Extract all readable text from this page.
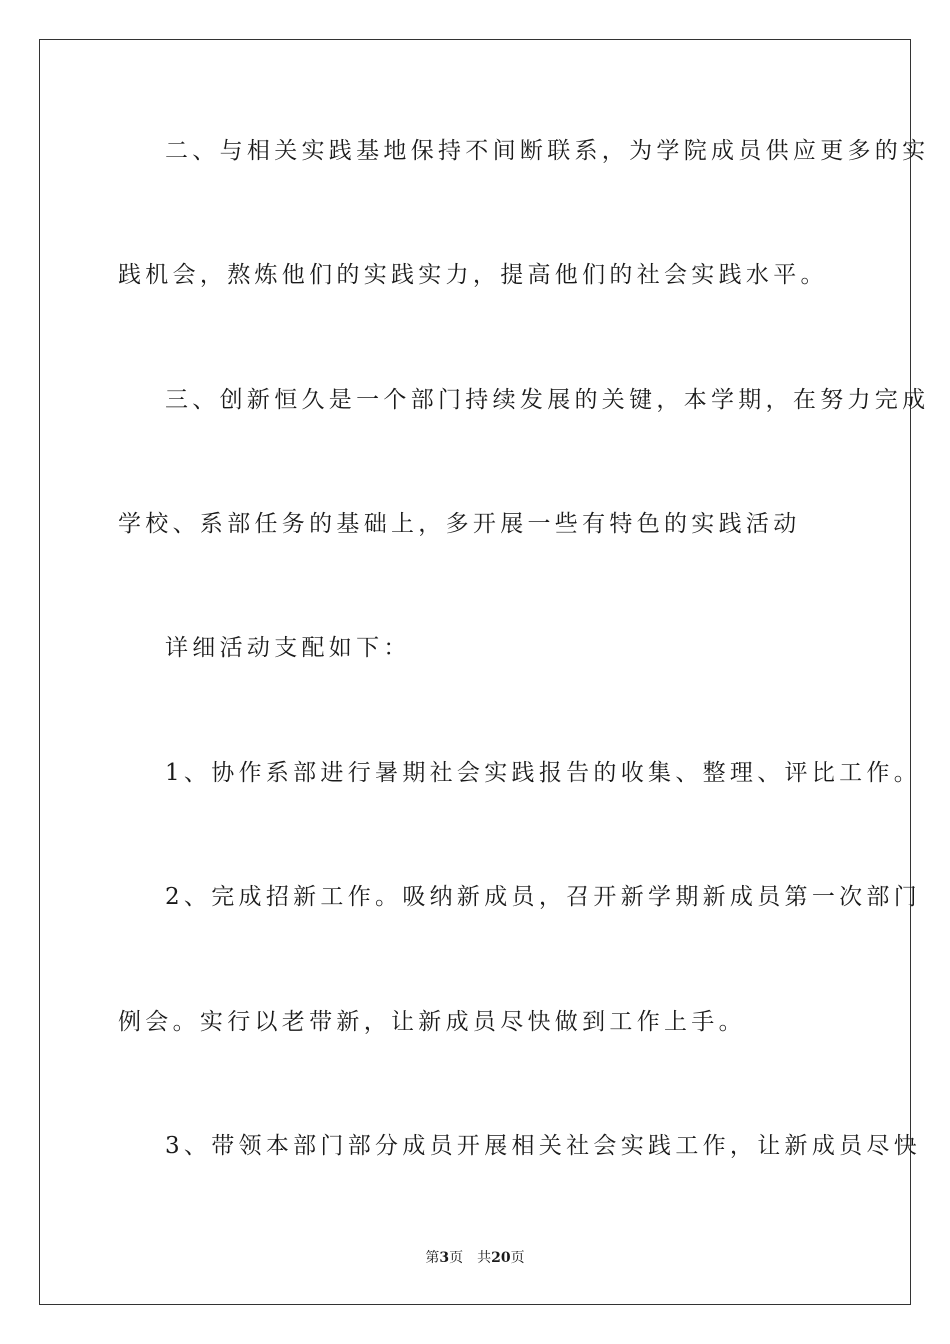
二、与相关实践基地保持不间断联系，为学院成员供应更多的实
践机会，熬炼他们的实践实力，提高他们的社会实践水平。
三、创新恒久是一个部门持续发展的关键，本学期，在努力完成
学校、系部任务的基础上，多开展一些有特色的实践活动
详细活动支配如下：
1、协作系部进行暑期社会实践报告的收集、整理、评比工作。
2、完成招新工作。吸纳新成员，召开新学期新成员第一次部门
例会。实行以老带新，让新成员尽快做到工作上手。
3、带领本部门部分成员开展相关社会实践工作，让新成员尽快
第3页 共20页
